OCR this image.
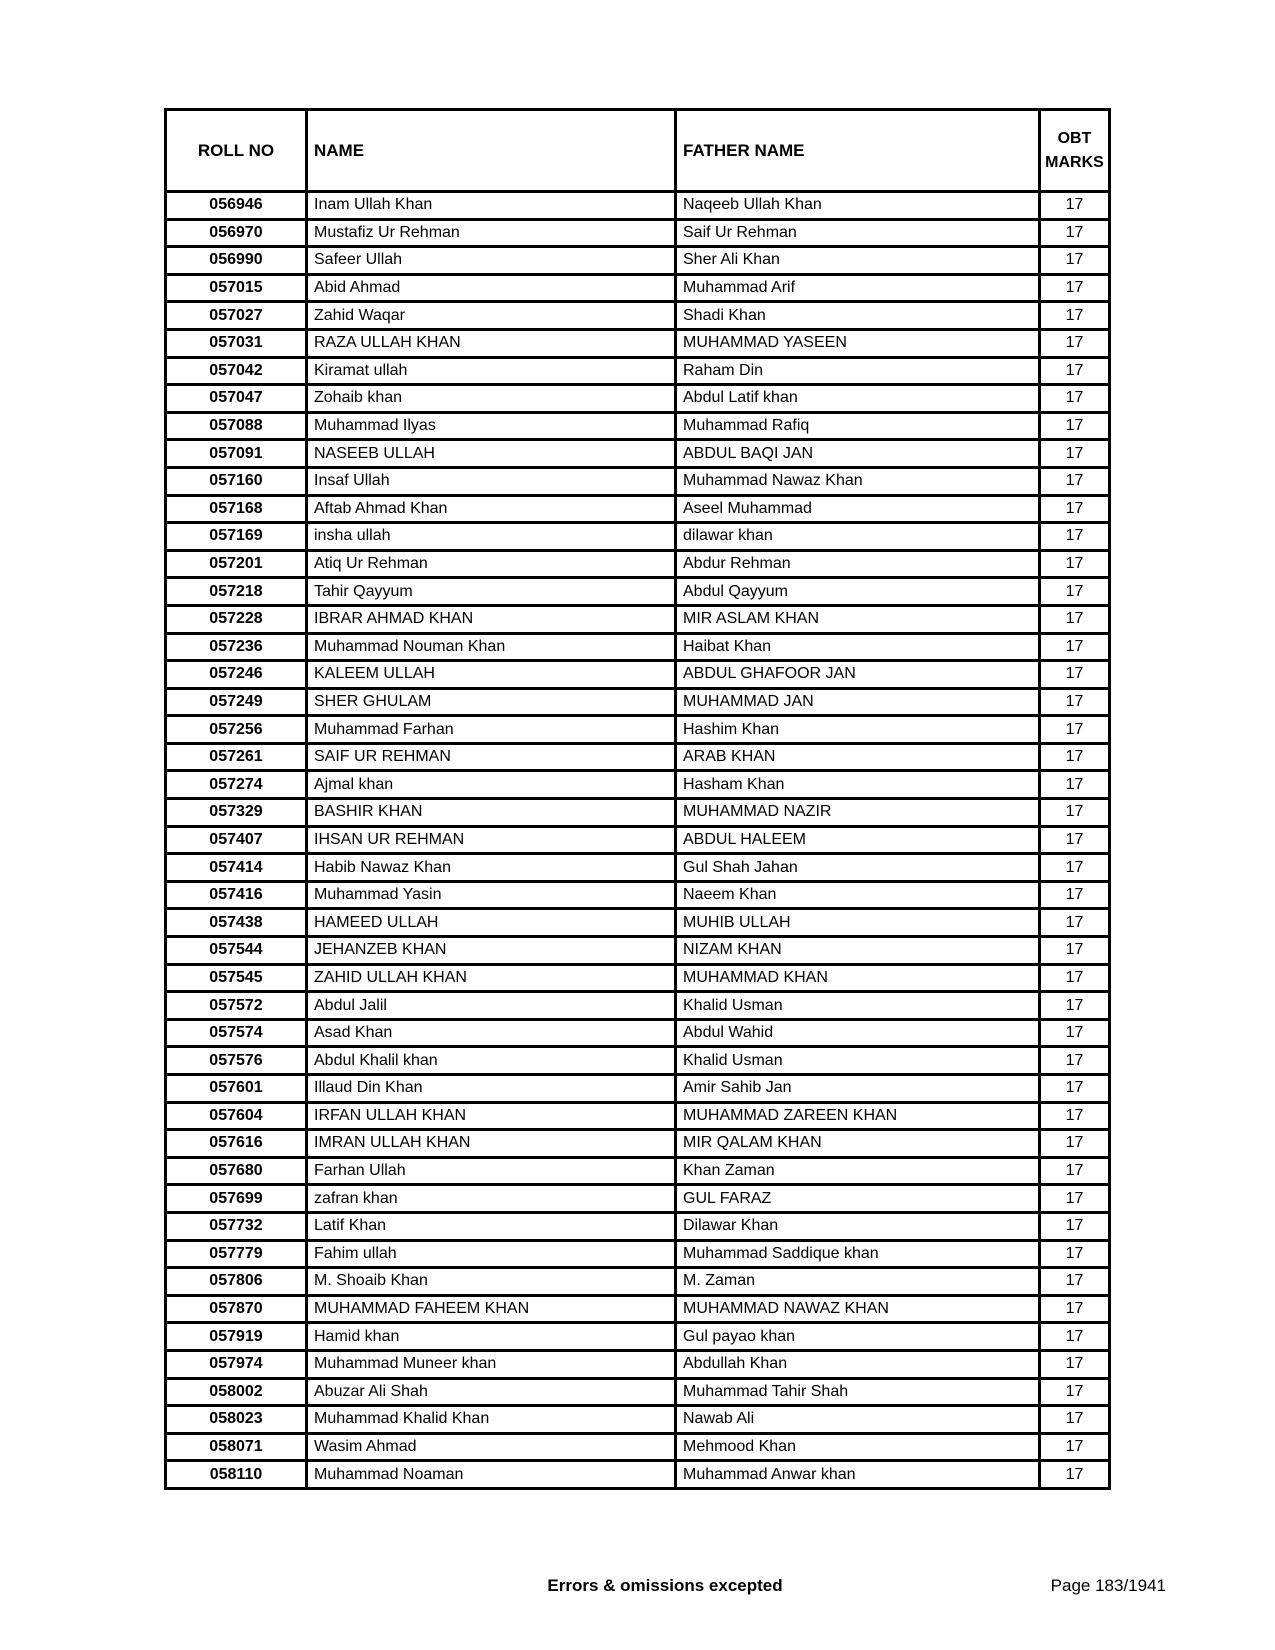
ROLL NO	NAME	FATHER NAME	OBT MARKS
056946	Inam Ullah Khan	Naqeeb Ullah Khan	17
056970	Mustafiz Ur Rehman	Saif Ur Rehman	17
056990	Safeer Ullah	Sher Ali Khan	17
057015	Abid Ahmad	Muhammad Arif	17
057027	Zahid Waqar	Shadi Khan	17
057031	RAZA ULLAH KHAN	MUHAMMAD YASEEN	17
057042	Kiramat ullah	Raham Din	17
057047	Zohaib khan	Abdul Latif khan	17
057088	Muhammad Ilyas	Muhammad Rafiq	17
057091	NASEEB ULLAH	ABDUL BAQI JAN	17
057160	Insaf Ullah	Muhammad Nawaz Khan	17
057168	Aftab Ahmad Khan	Aseel Muhammad	17
057169	insha ullah	dilawar khan	17
057201	Atiq Ur Rehman	Abdur Rehman	17
057218	Tahir Qayyum	Abdul Qayyum	17
057228	IBRAR AHMAD KHAN	MIR ASLAM KHAN	17
057236	Muhammad Nouman Khan	Haibat Khan	17
057246	KALEEM ULLAH	ABDUL GHAFOOR JAN	17
057249	SHER GHULAM	MUHAMMAD JAN	17
057256	Muhammad Farhan	Hashim Khan	17
057261	SAIF UR REHMAN	ARAB KHAN	17
057274	Ajmal khan	Hasham Khan	17
057329	BASHIR KHAN	MUHAMMAD NAZIR	17
057407	IHSAN UR REHMAN	ABDUL HALEEM	17
057414	Habib Nawaz Khan	Gul Shah Jahan	17
057416	Muhammad Yasin	Naeem Khan	17
057438	HAMEED ULLAH	MUHIB ULLAH	17
057544	JEHANZEB KHAN	NIZAM KHAN	17
057545	ZAHID ULLAH KHAN	MUHAMMAD KHAN	17
057572	Abdul Jalil	Khalid Usman	17
057574	Asad Khan	Abdul Wahid	17
057576	Abdul Khalil khan	Khalid Usman	17
057601	Illaud Din Khan	Amir Sahib Jan	17
057604	IRFAN ULLAH KHAN	MUHAMMAD ZAREEN KHAN	17
057616	IMRAN ULLAH KHAN	MIR QALAM KHAN	17
057680	Farhan Ullah	Khan Zaman	17
057699	zafran khan	GUL FARAZ	17
057732	Latif Khan	Dilawar Khan	17
057779	Fahim ullah	Muhammad Saddique khan	17
057806	M. Shoaib Khan	M. Zaman	17
057870	MUHAMMAD FAHEEM KHAN	MUHAMMAD NAWAZ KHAN	17
057919	Hamid khan	Gul payao khan	17
057974	Muhammad Muneer khan	Abdullah Khan	17
058002	Abuzar Ali Shah	Muhammad Tahir Shah	17
058023	Muhammad Khalid Khan	Nawab Ali	17
058071	Wasim Ahmad	Mehmood Khan	17
058110	Muhammad Noaman	Muhammad Anwar khan	17
Errors & omissions excepted	Page 183/1941
